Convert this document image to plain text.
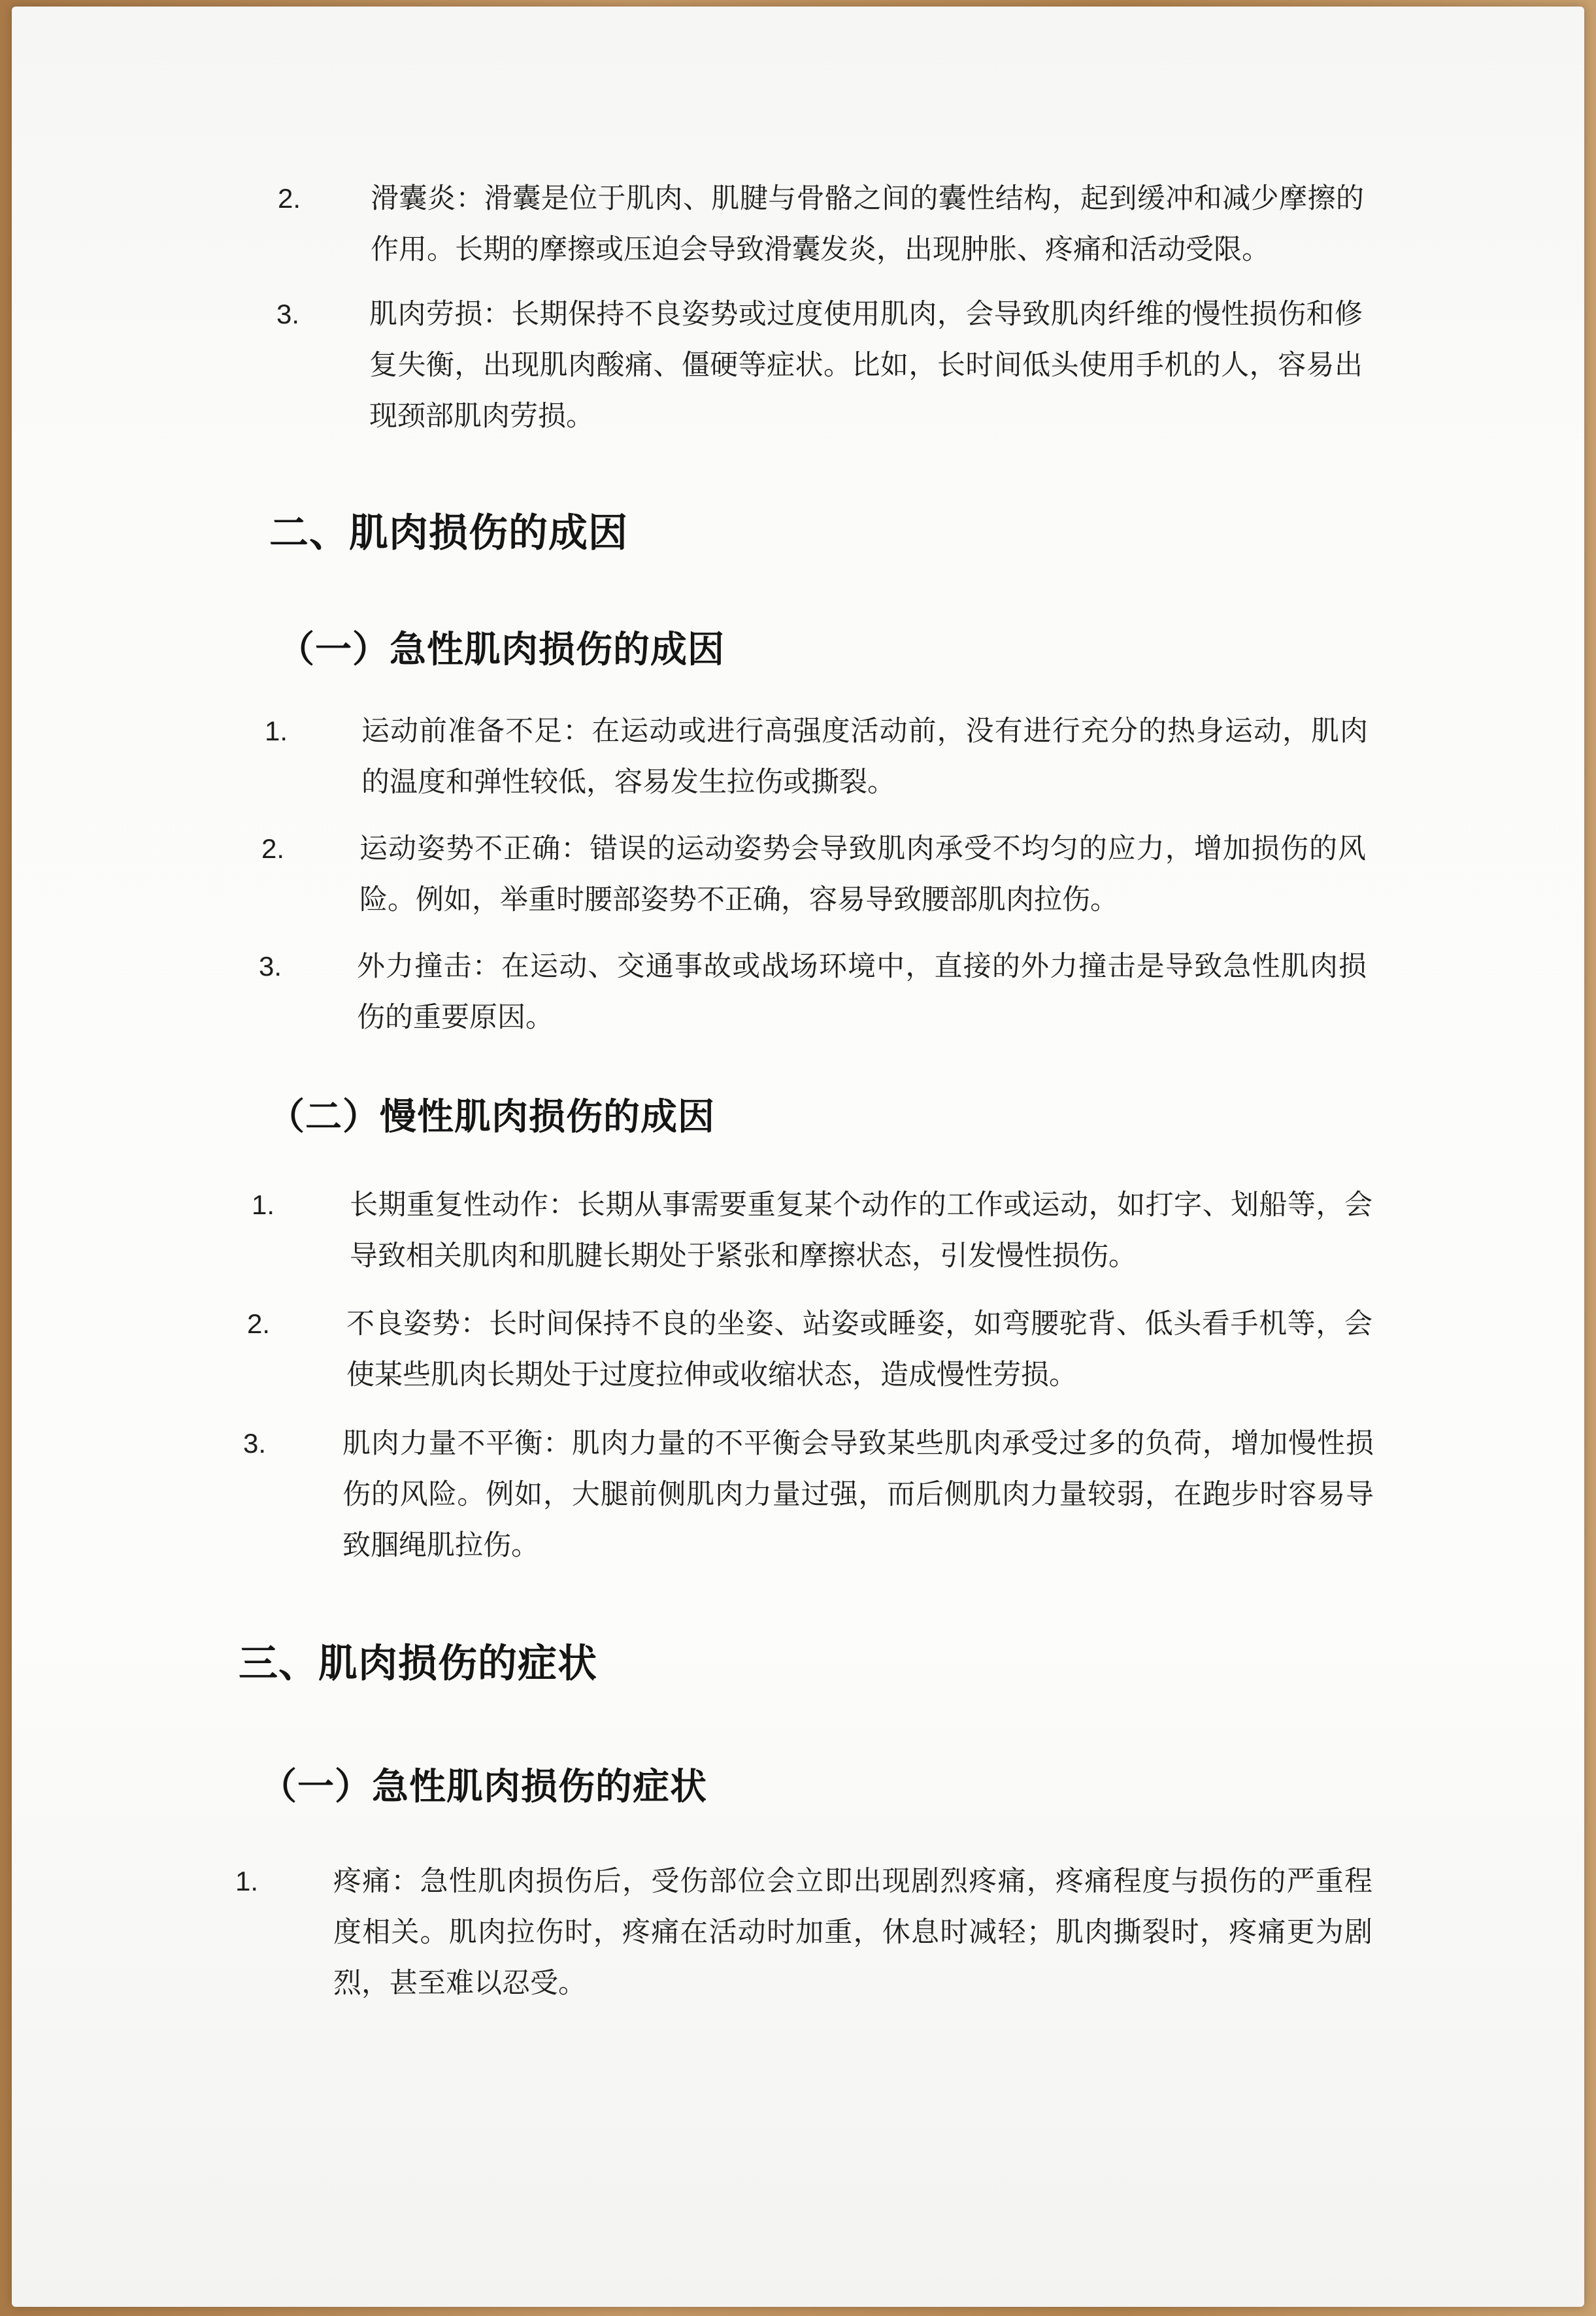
2. 滑囊炎：滑囊是位于肌肉、肌腱与骨骼之间的囊性结构，起到缓冲和减少摩擦的作用。长期的摩擦或压迫会导致滑囊发炎，出现肿胀、疼痛和活动受限。
3. 肌肉劳损：长期保持不良姿势或过度使用肌肉，会导致肌肉纤维的慢性损伤和修复失衡，出现肌肉酸痛、僵硬等症状。比如，长时间低头使用手机的人，容易出现颈部肌肉劳损。
二、肌肉损伤的成因
（一）急性肌肉损伤的成因
1.	运动前准备不足：在运动或进行高强度活动前，没有进行充分的热身运动，肌肉的温度和弹性较低，容易发生拉伤或撕裂。
2.	运动姿势不正确：错误的运动姿势会导致肌肉承受不均匀的应力，增加损伤的风险。例如，举重时腰部姿势不正确，容易导致腰部肌肉拉伤。
3.	外力撞击：在运动、交通事故或战场环境中，直接的外力撞击是导致急性肌肉损伤的重要原因。
（二）慢性肌肉损伤的成因
1.	长期重复性动作：长期从事需要重复某个动作的工作或运动，如打字、划船等，会导致相关肌肉和肌腱长期处于紧张和摩擦状态，引发慢性损伤。
2.	不良姿势：长时间保持不良的坐姿、站姿或睡姿，如弯腰驼背、低头看手机等，会使某些肌肉长期处于过度拉伸或收缩状态，造成慢性劳损。
3.	肌肉力量不平衡：肌肉力量的不平衡会导致某些肌肉承受过多的负荷，增加慢性损伤的风险。例如，大腿前侧肌肉力量过强，而后侧肌肉力量较弱，在跑步时容易导致腘绳肌拉伤。
三、肌肉损伤的症状
（一）急性肌肉损伤的症状
1.	疼痛：急性肌肉损伤后，受伤部位会立即出现剧烈疼痛，疼痛程度与损伤的严重程度相关。肌肉拉伤时，疼痛在活动时加重，休息时减轻；肌肉撕裂时，疼痛更为剧烈，甚至难以忍受。
